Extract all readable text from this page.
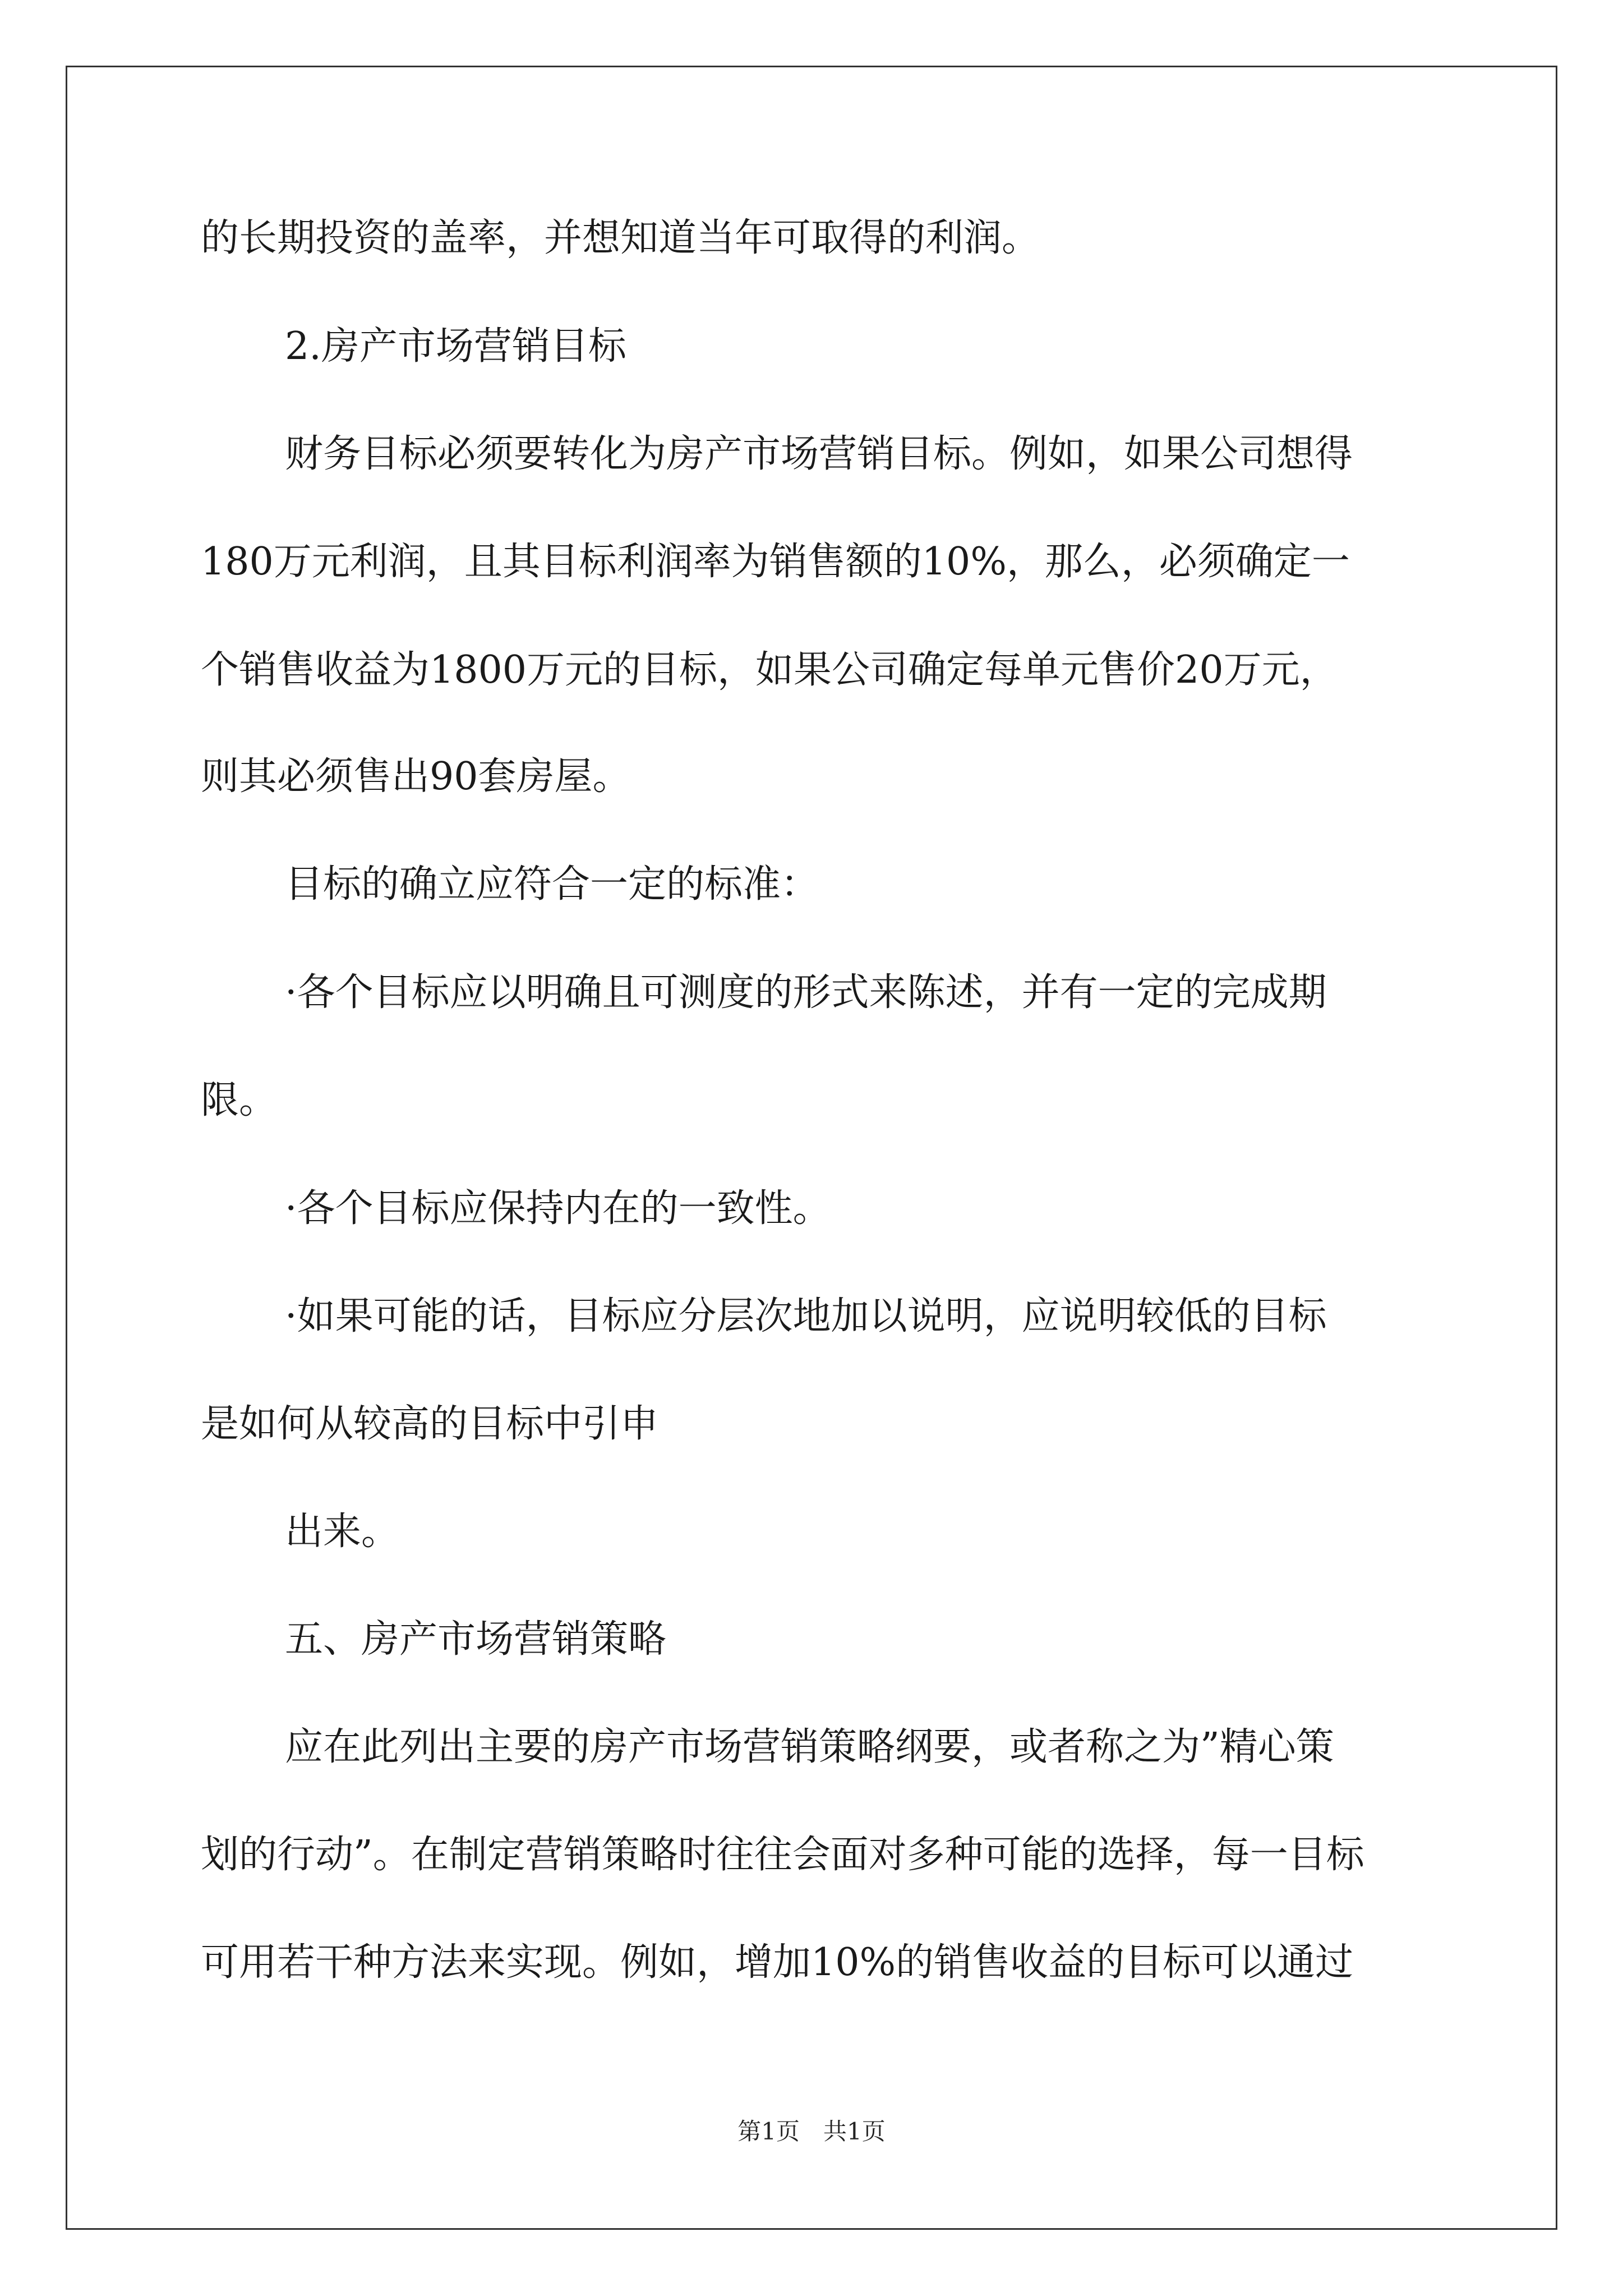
的长期投资的盖率，并想知道当年可取得的利润。
2.房产市场营销目标
财务目标必须要转化为房产市场营销目标。例如，如果公司想得
180万元利润，且其目标利润率为销售额的10%，那么，必须确定一
个销售收益为1800万元的目标，如果公司确定每单元售价20万元，
则其必须售出90套房屋。
目标的确立应符合一定的标准：
·各个目标应以明确且可测度的形式来陈述，并有一定的完成期
限。
·各个目标应保持内在的一致性。
·如果可能的话，目标应分层次地加以说明，应说明较低的目标
是如何从较高的目标中引申
出来。
五、房产市场营销策略
应在此列出主要的房产市场营销策略纲要，或者称之为”精心策
划的行动”。在制定营销策略时往往会面对多种可能的选择，每一目标
可用若干种方法来实现。例如，增加10%的销售收益的目标可以通过
第1页　共1页
